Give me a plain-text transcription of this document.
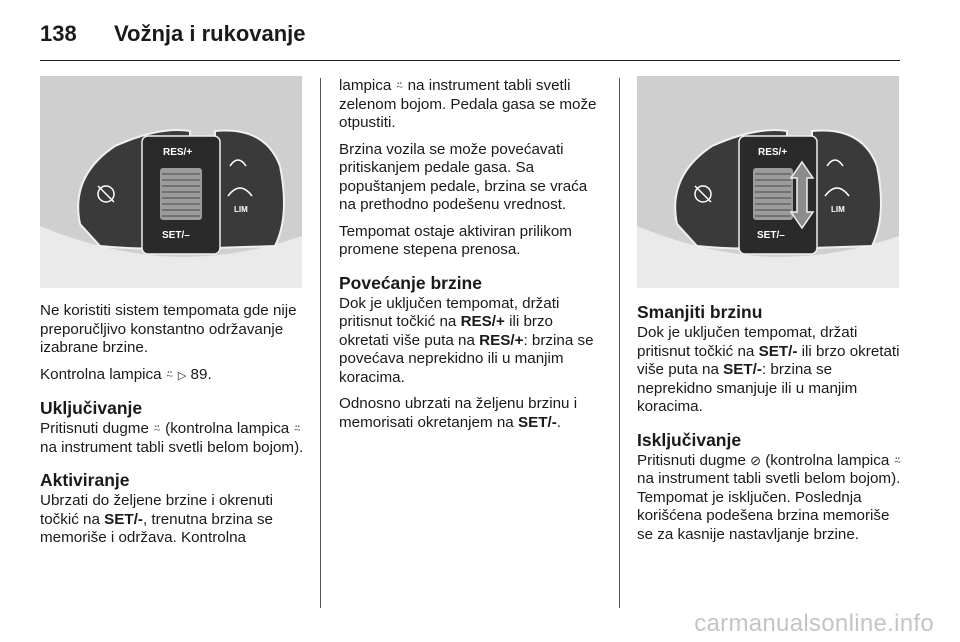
138	Vožnja i rukovanje
RES/+
SET/–
LIM

Ne koristiti sistem tempomata gde nije preporučljivo konstantno održavanje izabrane brzine.

Kontrolna lampica ⍨ ▷ 89.

Uključivanje

Pritisnuti dugme ⍨ (kontrolna lampica ⍨ na instrument tabli svetli belom bojom).

Aktiviranje

Ubrzati do željene brzine i okrenuti točkić na SET/-, trenutna brzina se memoriše i održava. Kontrolna

lampica ⍨ na instrument tabli svetli zelenom bojom. Pedala gasa se može otpustiti.

Brzina vozila se može povećavati pritiskanjem pedale gasa. Sa popuštanjem pedale, brzina se vraća na prethodno podešenu vrednost.

Tempomat ostaje aktiviran prilikom promene stepena prenosa.

Povećanje brzine

Dok je uključen tempomat, držati pritisnut točkić na RES/+ ili brzo okretati više puta na RES/+: brzina se povećava neprekidno ili u manjim koracima.

Odnosno ubrzati na željenu brzinu i memorisati okretanjem na SET/-.

RES/+
SET/–
LIM
Smanjiti brzinu

Dok je uključen tempomat, držati pritisnut točkić na SET/- ili brzo okretati više puta na SET/-: brzina se neprekidno smanjuje ili u manjim koracima.

Isključivanje

Pritisnuti dugme ⊘ (kontrolna lampica ⍨ na instrument tabli svetli belom bojom). Tempomat je isključen. Poslednja korišćena podešena brzina memoriše se za kasnije nastavljanje brzine.

carmanualsonline.info
